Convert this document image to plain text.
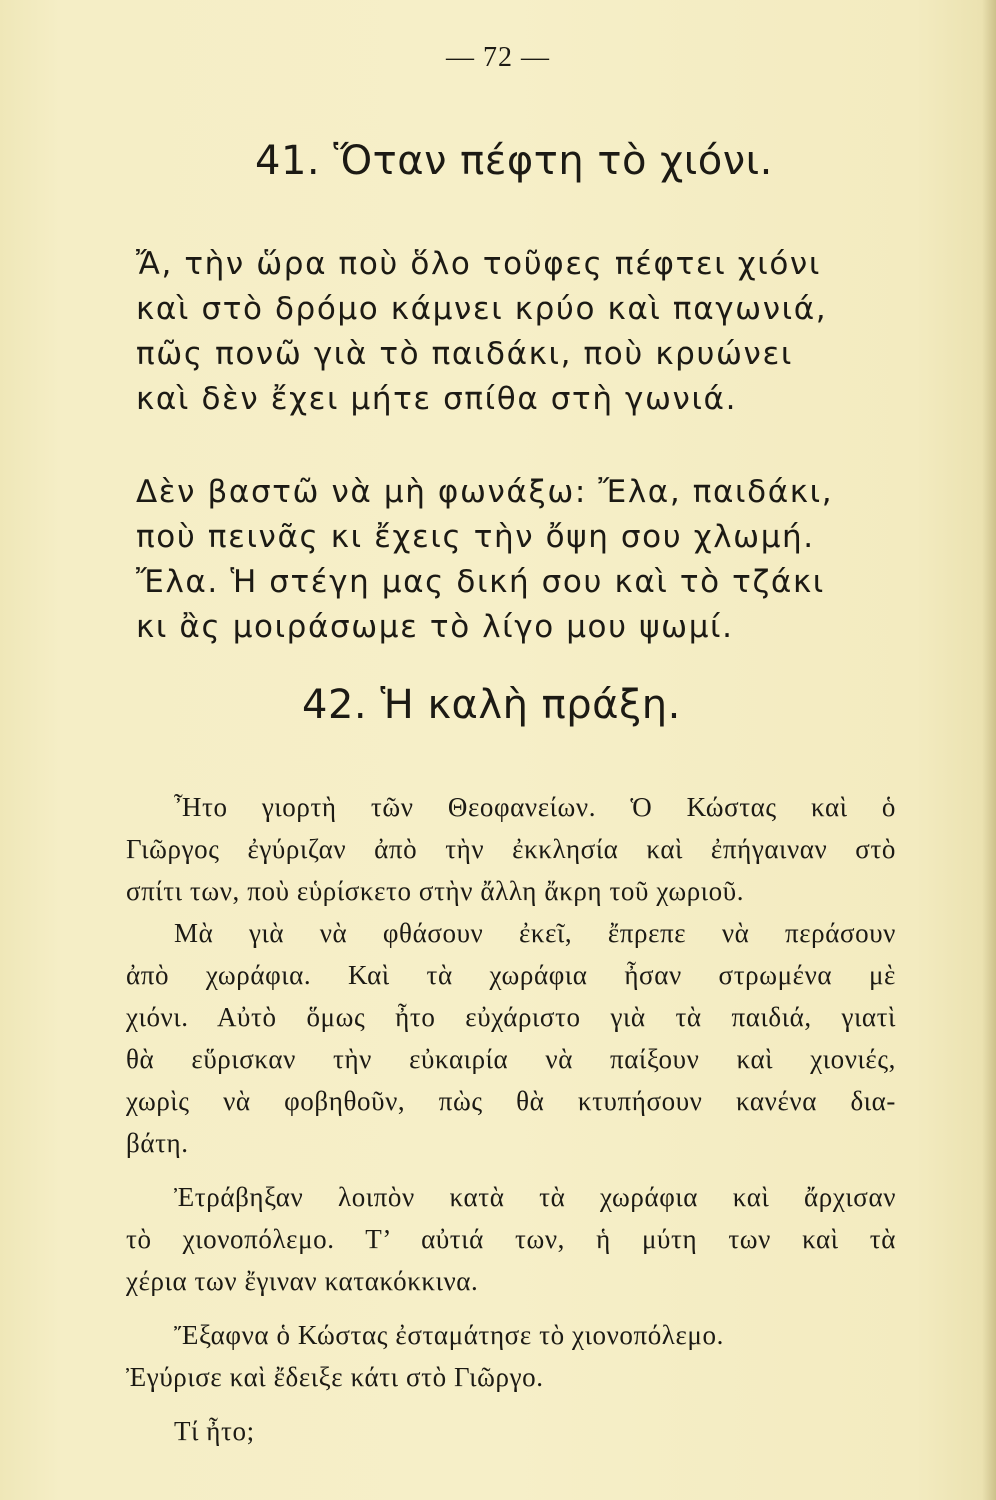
— 72 —
41. Ὅταν πέφτη τὸ χιόνι.
Ἄ, τὴν ὥρα ποὺ ὅλο τοῦφες πέφτει χιόνι
καὶ στὸ δρόμο κάμνει κρύο καὶ παγωνιά,
πῶς πονῶ γιὰ τὸ παιδάκι, ποὺ κρυώνει
καὶ δὲν ἔχει μήτε σπίθα στὴ γωνιά.
Δὲν βαστῶ νὰ μὴ φωνάξω: Ἔλα, παιδάκι,
ποὺ πεινᾶς κι ἔχεις τὴν ὄψη σου χλωμή.
Ἔλα. Ἡ στέγη μας δική σου καὶ τὸ τζάκι
κι ἂς μοιράσωμε τὸ λίγο μου ψωμί.
42. Ἡ καλὴ πράξη.
Ἦτο γιορτὴ τῶν Θεοφανείων. Ὁ Κώστας καὶ ὁ
Γιῶργος ἐγύριζαν ἀπὸ τὴν ἐκκλησία καὶ ἐπήγαιναν στὸ
σπίτι των, ποὺ εὑρίσκετο στὴν ἄλλη ἄκρη τοῦ χωριοῦ.
Μὰ γιὰ νὰ φθάσουν ἐκεῖ, ἔπρεπε νὰ περάσουν
ἀπὸ χωράφια. Καὶ τὰ χωράφια ἦσαν στρωμένα μὲ
χιόνι. Αὐτὸ ὅμως ἦτο εὐχάριστο γιὰ τὰ παιδιά, γιατὶ
θὰ εὕρισκαν τὴν εὐκαιρία νὰ παίξουν καὶ χιονιές,
χωρὶς νὰ φοβηθοῦν, πὼς θὰ κτυπήσουν κανένα δια-
βάτη.
Ἐτράβηξαν λοιπὸν κατὰ τὰ χωράφια καὶ ἄρχισαν
τὸ χιονοπόλεμο. Τ’ αὐτιά των, ἡ μύτη των καὶ τὰ
χέρια των ἔγιναν κατακόκκινα.
Ἔξαφνα ὁ Κώστας ἐσταμάτησε τὸ χιονοπόλεμο.
Ἐγύρισε καὶ ἔδειξε κάτι στὸ Γιῶργο.
Τί ἦτο;
